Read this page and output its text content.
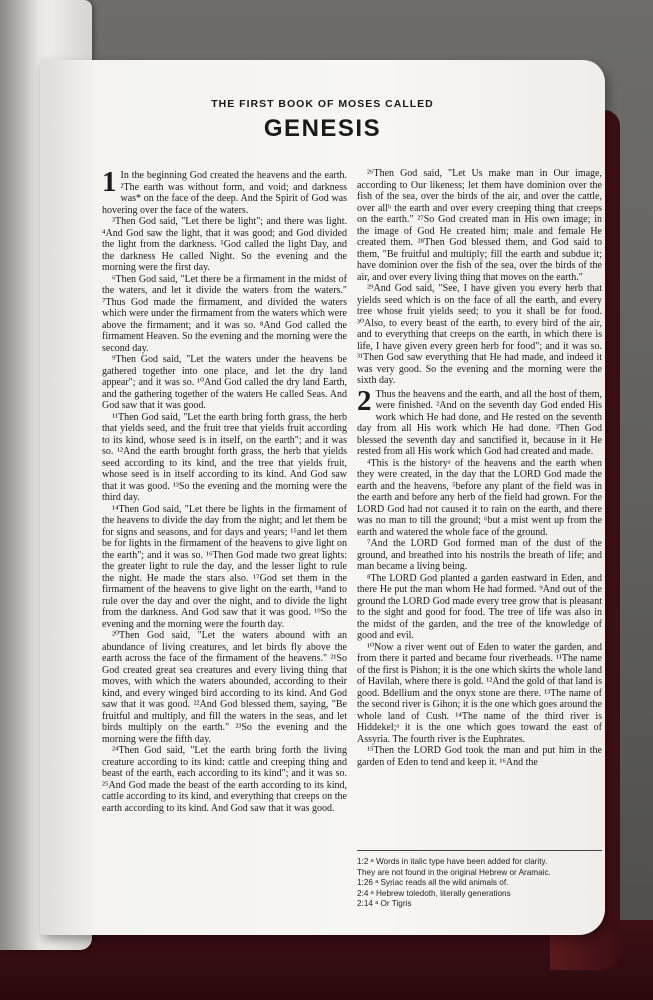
THE FIRST BOOK OF MOSES CALLED
GENESIS

1 In the beginning God created the heavens and the earth. ²The earth was without form, and void; and darkness was* on the face of the deep. And the Spirit of God was hovering over the face of the waters.

³Then God said, "Let there be light"; and there was light. ⁴And God saw the light, that it was good; and God divided the light from the darkness. ⁵God called the light Day, and the darkness He called Night. So the evening and the morning were the first day.

⁶Then God said, "Let there be a firmament in the midst of the waters, and let it divide the waters from the waters." ⁷Thus God made the firmament, and divided the waters which were under the firmament from the waters which were above the firmament; and it was so. ⁸And God called the firmament Heaven. So the evening and the morning were the second day.

⁹Then God said, "Let the waters under the heavens be gathered together into one place, and let the dry land appear"; and it was so. ¹⁰And God called the dry land Earth, and the gathering together of the waters He called Seas. And God saw that it was good.

¹¹Then God said, "Let the earth bring forth grass, the herb that yields seed, and the fruit tree that yields fruit according to its kind, whose seed is in itself, on the earth"; and it was so. ¹²And the earth brought forth grass, the herb that yields seed according to its kind, and the tree that yields fruit, whose seed is in itself according to its kind. And God saw that it was good. ¹³So the evening and the morning were the third day.

¹⁴Then God said, "Let there be lights in the firmament of the heavens to divide the day from the night; and let them be for signs and seasons, and for days and years; ¹⁵and let them be for lights in the firmament of the heavens to give light on the earth"; and it was so. ¹⁶Then God made two great lights: the greater light to rule the day, and the lesser light to rule the night. He made the stars also. ¹⁷God set them in the firmament of the heavens to give light on the earth, ¹⁸and to rule over the day and over the night, and to divide the light from the darkness. And God saw that it was good. ¹⁹So the evening and the morning were the fourth day.

²⁰Then God said, "Let the waters abound with an abundance of living creatures, and let birds fly above the earth across the face of the firmament of the heavens." ²¹So God created great sea creatures and every living thing that moves, with which the waters abounded, according to their kind, and every winged bird according to its kind. And God saw that it was good. ²²And God blessed them, saying, "Be fruitful and multiply, and fill the waters in the seas, and let birds multiply on the earth." ²³So the evening and the morning were the fifth day.

²⁴Then God said, "Let the earth bring forth the living creature according to its kind: cattle and creeping thing and beast of the earth, each according to its kind"; and it was so. ²⁵And God made the beast of the earth according to its kind, cattle according to its kind, and everything that creeps on the earth according to its kind. And God saw that it was good.

²⁶Then God said, "Let Us make man in Our image, according to Our likeness; let them have dominion over the fish of the sea, over the birds of the air, and over the cattle, over allᵇ the earth and over every creeping thing that creeps on the earth." ²⁷So God created man in His own image; in the image of God He created him; male and female He created them. ²⁸Then God blessed them, and God said to them, "Be fruitful and multiply; fill the earth and subdue it; have dominion over the fish of the sea, over the birds of the air, and over every living thing that moves on the earth."

²⁹And God said, "See, I have given you every herb that yields seed which is on the face of all the earth, and every tree whose fruit yields seed; to you it shall be for food. ³⁰Also, to every beast of the earth, to every bird of the air, and to everything that creeps on the earth, in which there is life, I have given every green herb for food"; and it was so. ³¹Then God saw everything that He had made, and indeed it was very good. So the evening and the morning were the sixth day.

2 Thus the heavens and the earth, and all the host of them, were finished. ²And on the seventh day God ended His work which He had done, and He rested on the seventh day from all His work which He had done. ³Then God blessed the seventh day and sanctified it, because in it He rested from all His work which God had created and made.

⁴This is the historyᵃ of the heavens and the earth when they were created, in the day that the LORD God made the earth and the heavens, ⁵before any plant of the field was in the earth and before any herb of the field had grown. For the LORD God had not caused it to rain on the earth, and there was no man to till the ground; ⁶but a mist went up from the earth and watered the whole face of the ground.

⁷And the LORD God formed man of the dust of the ground, and breathed into his nostrils the breath of life; and man became a living being.

⁸The LORD God planted a garden eastward in Eden, and there He put the man whom He had formed. ⁹And out of the ground the LORD God made every tree grow that is pleasant to the sight and good for food. The tree of life was also in the midst of the garden, and the tree of the knowledge of good and evil.

¹⁰Now a river went out of Eden to water the garden, and from there it parted and became four riverheads. ¹¹The name of the first is Pishon; it is the one which skirts the whole land of Havilah, where there is gold. ¹²And the gold of that land is good. Bdellium and the onyx stone are there. ¹³The name of the second river is Gihon; it is the one which goes around the whole land of Cush. ¹⁴The name of the third river is Hiddekel;ᵃ it is the one which goes toward the east of Assyria. The fourth river is the Euphrates.

¹⁵Then the LORD God took the man and put him in the garden of Eden to tend and keep it. ¹⁶And the

1:2 ᵃ Words in italic type have been added for clarity.
They are not found in the original Hebrew or Aramaic.
1:26 ᵃ Syriac reads all the wild animals of.
2:4 ᵃ Hebrew toledoth, literally generations
2:14 ᵃ Or Tigris
